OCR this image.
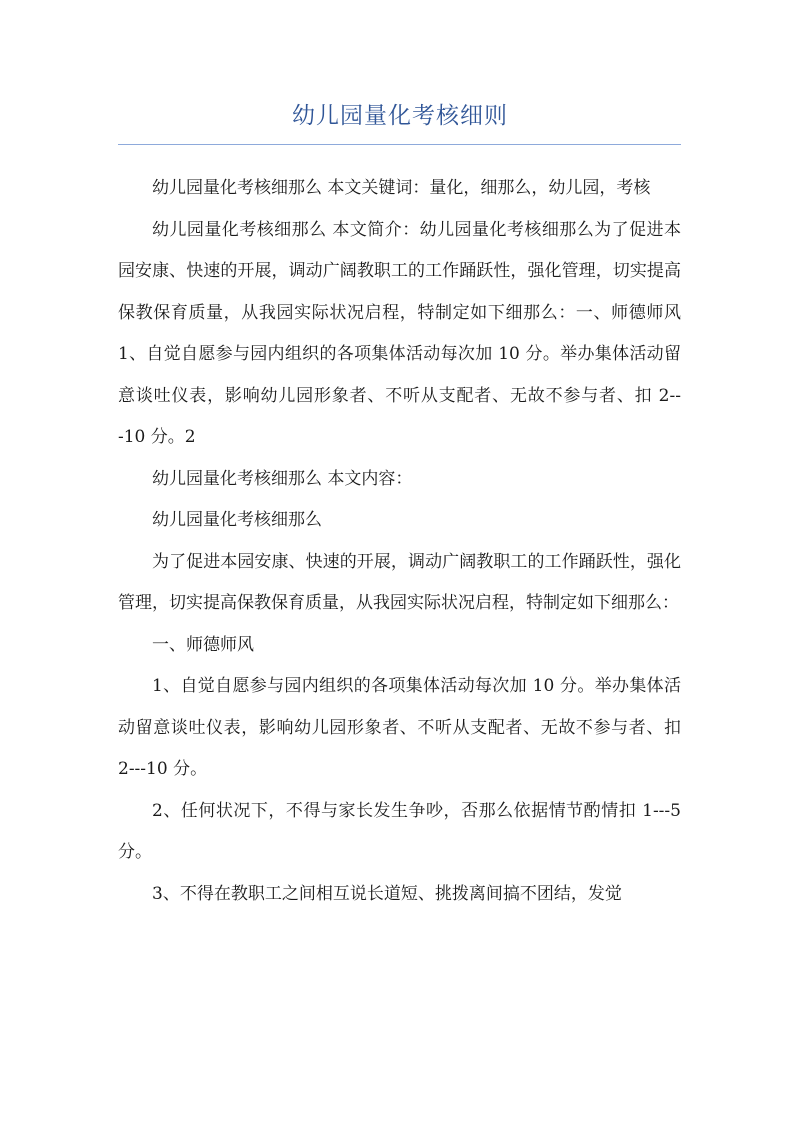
幼儿园量化考核细则

幼儿园量化考核细那么 本文关键词：量化，细那么，幼儿园，考核

幼儿园量化考核细那么 本文简介：幼儿园量化考核细那么为了促进本园安康、快速的开展，调动广阔教职工的工作踊跃性，强化管理，切实提高保教保育质量，从我园实际状况启程，特制定如下细那么：一、师德师风 1、自觉自愿参与园内组织的各项集体活动每次加 10 分。举办集体活动留意谈吐仪表，影响幼儿园形象者、不听从支配者、无故不参与者、扣 2---10 分。2

幼儿园量化考核细那么 本文内容：

幼儿园量化考核细那么

为了促进本园安康、快速的开展，调动广阔教职工的工作踊跃性，强化管理，切实提高保教保育质量，从我园实际状况启程，特制定如下细那么：

一、师德师风

1、自觉自愿参与园内组织的各项集体活动每次加 10 分。举办集体活动留意谈吐仪表，影响幼儿园形象者、不听从支配者、无故不参与者、扣 2---10 分。

2、任何状况下，不得与家长发生争吵，否那么依据情节酌情扣 1---5 分。

3、不得在教职工之间相互说长道短、挑拨离间搞不团结，发觉
